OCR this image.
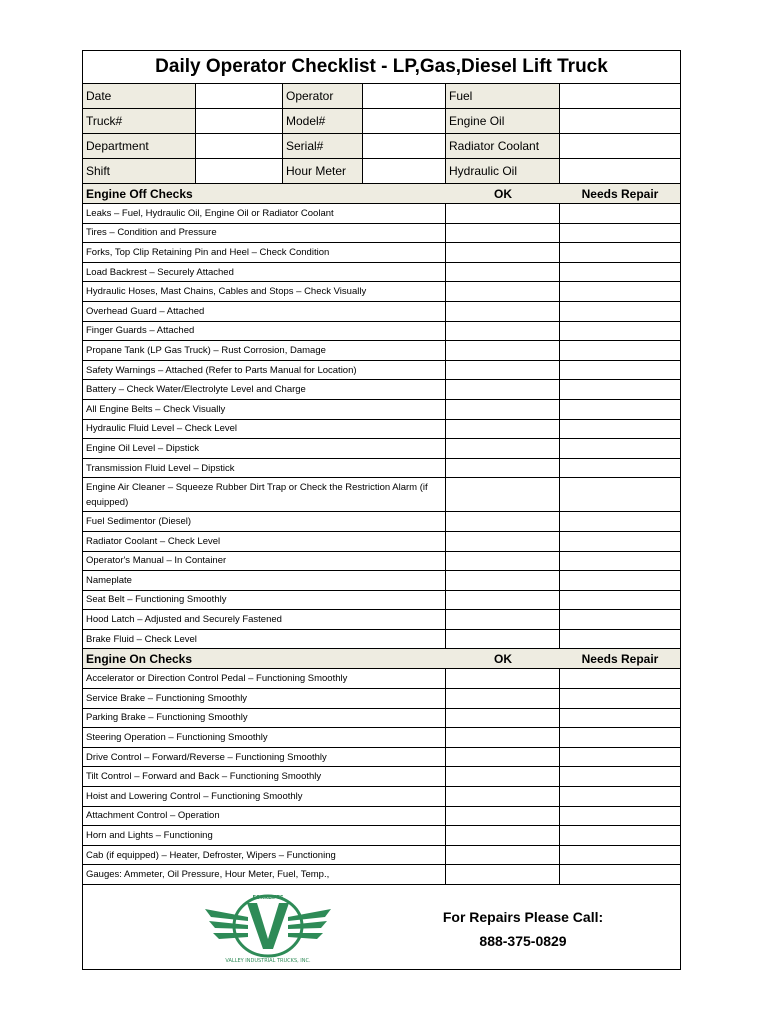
Daily Operator Checklist - LP,Gas,Diesel Lift Truck
Date	Operator	Fuel
Truck#	Model#	Engine Oil
Department	Serial#	Radiator Coolant
Shift	Hour Meter	Hydraulic Oil
Engine Off Checks	OK	Needs Repair
Leaks – Fuel, Hydraulic Oil, Engine Oil or Radiator Coolant
Tires – Condition and Pressure
Forks, Top Clip Retaining Pin and Heel – Check Condition
Load Backrest – Securely Attached
Hydraulic Hoses, Mast Chains, Cables and Stops – Check Visually
Overhead Guard – Attached
Finger Guards – Attached
Propane Tank (LP Gas Truck) – Rust Corrosion, Damage
Safety Warnings – Attached (Refer to Parts Manual for Location)
Battery – Check Water/Electrolyte Level and Charge
All Engine Belts – Check Visually
Hydraulic Fluid Level – Check Level
Engine Oil Level – Dipstick
Transmission Fluid Level – Dipstick
Engine Air Cleaner – Squeeze Rubber Dirt Trap or Check the Restriction Alarm (if equipped)
Fuel Sedimentor (Diesel)
Radiator Coolant – Check Level
Operator's Manual – In Container
Nameplate
Seat Belt – Functioning Smoothly
Hood Latch – Adjusted and Securely Fastened
Brake Fluid – Check Level
Engine On Checks	OK	Needs Repair
Accelerator or Direction Control Pedal – Functioning Smoothly
Service Brake – Functioning Smoothly
Parking Brake – Functioning Smoothly
Steering Operation – Functioning Smoothly
Drive Control – Forward/Reverse – Functioning Smoothly
Tilt Control – Forward and Back – Functioning Smoothly
Hoist and Lowering Control – Functioning Smoothly
Attachment Control – Operation
Horn and Lights – Functioning
Cab (if equipped) – Heater, Defroster, Wipers – Functioning
Gauges: Ammeter, Oil Pressure, Hour Meter, Fuel, Temp.,
FORKLIFTS
VALLEY INDUSTRIAL TRUCKS, INC.
For Repairs Please Call:
888-375-0829
